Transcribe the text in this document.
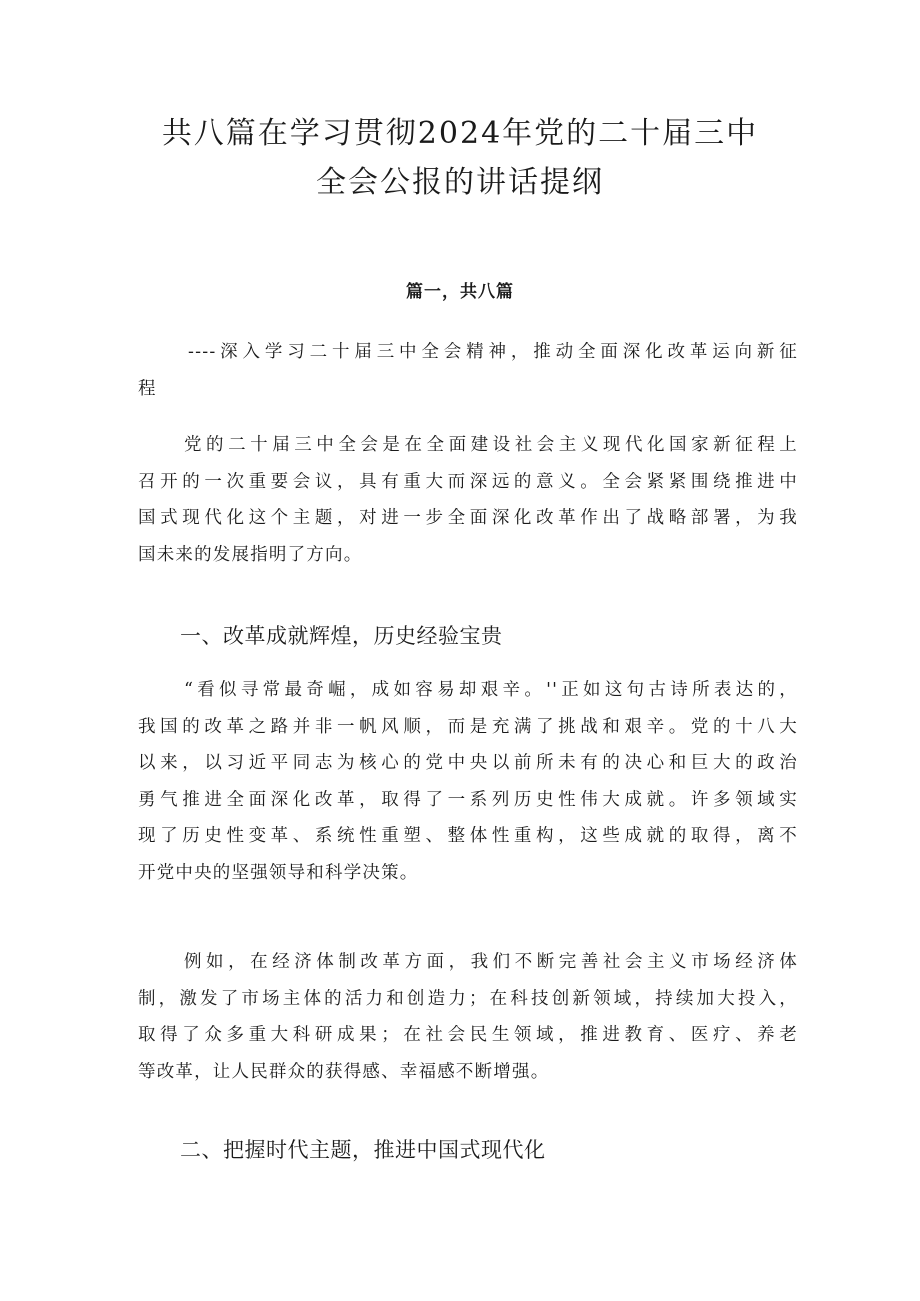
共八篇在学习贯彻2024年党的二十届三中
全会公报的讲话提纲
篇一，共八篇
----深入学习二十届三中全会精神，推动全面深化改革运向新征
程
党的二十届三中全会是在全面建设社会主义现代化国家新征程上
召开的一次重要会议，具有重大而深远的意义。全会紧紧围绕推进中
国式现代化这个主题，对进一步全面深化改革作出了战略部署，为我
国未来的发展指明了方向。
一、改革成就辉煌，历史经验宝贵
“看似寻常最奇崛，成如容易却艰辛。''正如这句古诗所表达的，
我国的改革之路并非一帆风顺，而是充满了挑战和艰辛。党的十八大
以来，以习近平同志为核心的党中央以前所未有的决心和巨大的政治
勇气推进全面深化改革，取得了一系列历史性伟大成就。许多领域实
现了历史性变革、系统性重塑、整体性重构，这些成就的取得，离不
开党中央的坚强领导和科学决策。
例如，在经济体制改革方面，我们不断完善社会主义市场经济体
制，激发了市场主体的活力和创造力；在科技创新领域，持续加大投入，
取得了众多重大科研成果；在社会民生领域，推进教育、医疗、养老
等改革，让人民群众的获得感、幸福感不断增强。
二、把握时代主题，推进中国式现代化
